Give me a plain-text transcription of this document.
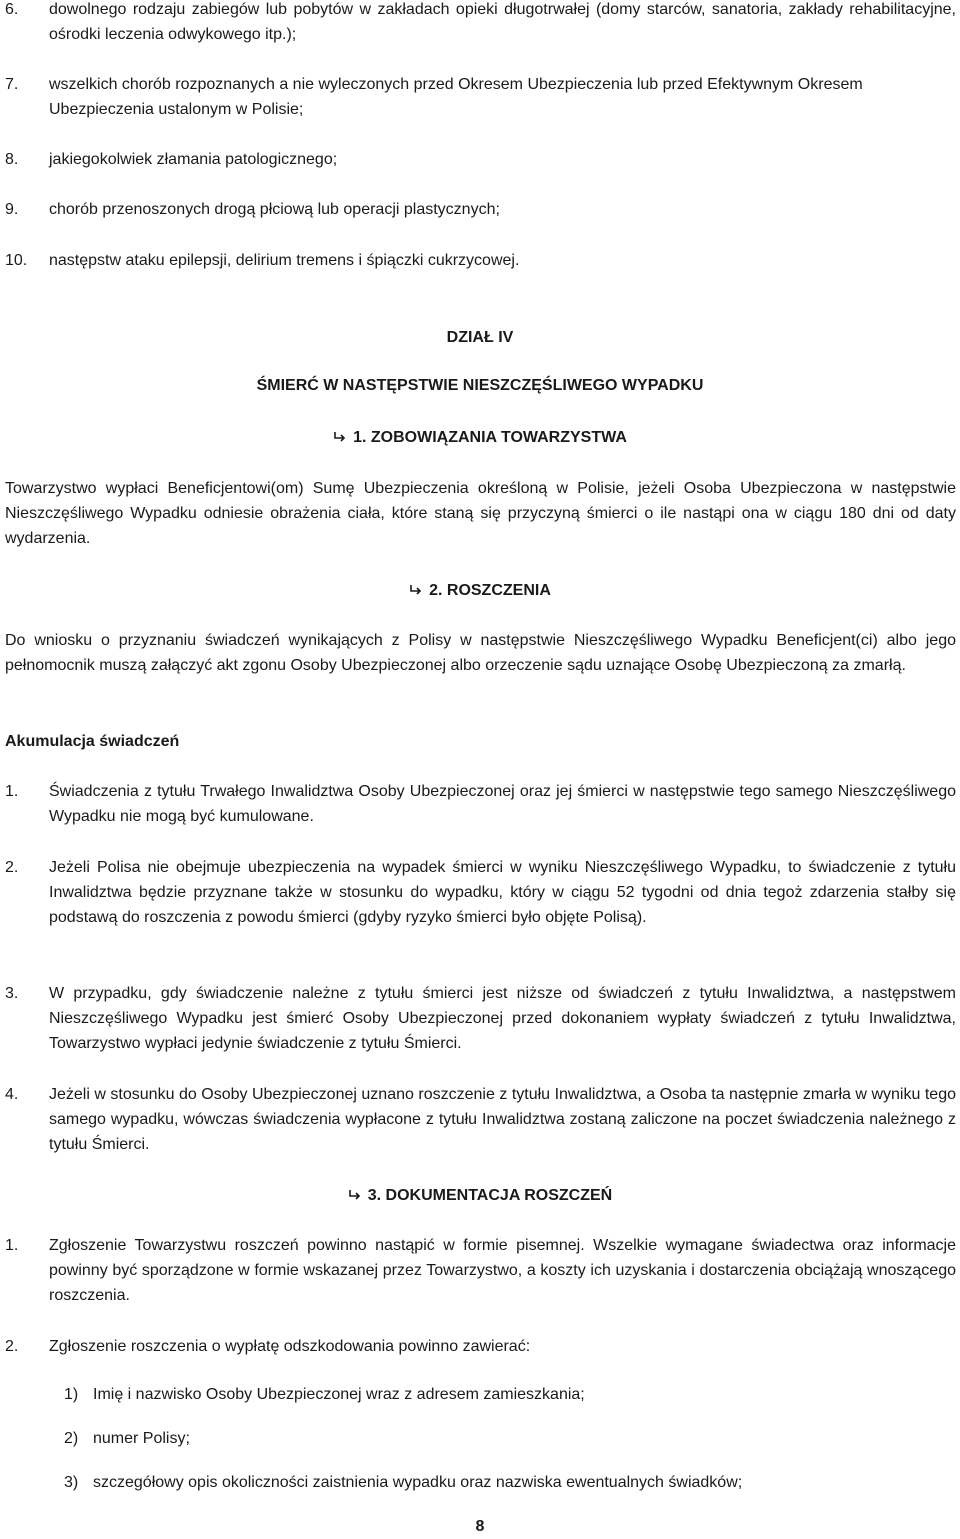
6. dowolnego rodzaju zabiegów lub pobytów w zakładach opieki długotrwałej (domy starców, sanatoria, zakłady rehabilitacyjne, ośrodki leczenia odwykowego itp.);
7. wszelkich chorób rozpoznanych a nie wyleczonych przed Okresem Ubezpieczenia lub przed Efektywnym Okresem Ubezpieczenia ustalonym w Polisie;
8. jakiegokolwiek złamania patologicznego;
9. chorób przenoszonych drogą płciową lub operacji plastycznych;
10. następstw ataku epilepsji, delirium tremens i śpiączki cukrzycowej.
DZIAŁ IV
ŚMIERĆ W NASTĘPSTWIE NIESZCZĘŚLIWEGO WYPADKU
1. ZOBOWIĄZANIA TOWARZYSTWA
Towarzystwo wypłaci Beneficjentowi(om) Sumę Ubezpieczenia określoną w Polisie, jeżeli Osoba Ubezpieczona w następstwie Nieszczęśliwego Wypadku odniesie obrażenia ciała, które staną się przyczyną śmierci o ile nastąpi ona w ciągu 180 dni od daty wydarzenia.
2. ROSZCZENIA
Do wniosku o przyznaniu świadczeń wynikających z Polisy w następstwie Nieszczęśliwego Wypadku Beneficjent(ci) albo jego pełnomocnik muszą załączyć akt zgonu Osoby Ubezpieczonej albo orzeczenie sądu uznające Osobę Ubezpieczoną za zmarłą.
Akumulacja świadczeń
1. Świadczenia z tytułu Trwałego Inwalidztwa Osoby Ubezpieczonej oraz jej śmierci w następstwie tego samego Nieszczęśliwego Wypadku nie mogą być kumulowane.
2. Jeżeli Polisa nie obejmuje ubezpieczenia na wypadek śmierci w wyniku Nieszczęśliwego Wypadku, to świadczenie z tytułu Inwalidztwa będzie przyznane także w stosunku do wypadku, który w ciągu 52 tygodni od dnia tegoż zdarzenia stałby się podstawą do roszczenia z powodu śmierci (gdyby ryzyko śmierci było objęte Polisą).
3. W przypadku, gdy świadczenie należne z tytułu śmierci jest niższe od świadczeń z tytułu Inwalidztwa, a następstwem Nieszczęśliwego Wypadku jest śmierć Osoby Ubezpieczonej przed dokonaniem wypłaty świadczeń z tytułu Inwalidztwa, Towarzystwo wypłaci jedynie świadczenie z tytułu Śmierci.
4. Jeżeli w stosunku do Osoby Ubezpieczonej uznano roszczenie z tytułu Inwalidztwa, a Osoba ta następnie zmarła w wyniku tego samego wypadku, wówczas świadczenia wypłacone z tytułu Inwalidztwa zostaną zaliczone na poczet świadczenia należnego z tytułu Śmierci.
3. DOKUMENTACJA ROSZCZEŃ
1. Zgłoszenie Towarzystwu roszczeń powinno nastąpić w formie pisemnej. Wszelkie wymagane świadectwa oraz informacje powinny być sporządzone w formie wskazanej przez Towarzystwo, a koszty ich uzyskania i dostarczenia obciążają wnoszącego roszczenia.
2. Zgłoszenie roszczenia o wypłatę odszkodowania powinno zawierać:
1) Imię i nazwisko Osoby Ubezpieczonej wraz z adresem zamieszkania;
2) numer Polisy;
3) szczegółowy opis okoliczności zaistnienia wypadku oraz nazwiska ewentualnych świadków;
8
